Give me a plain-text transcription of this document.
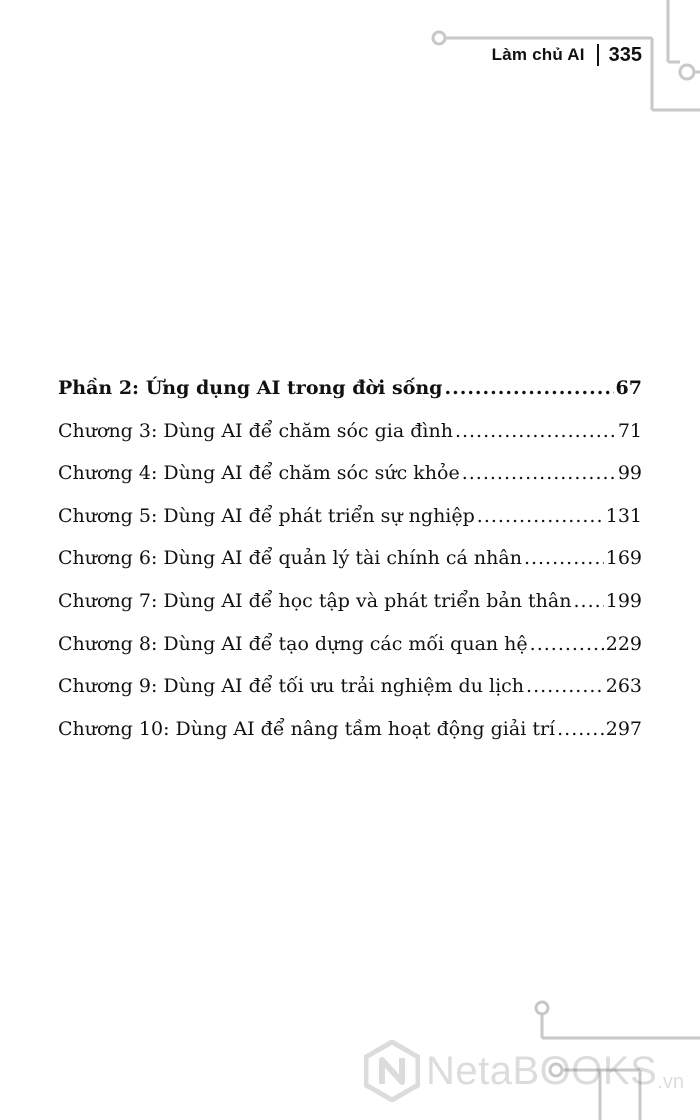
Làm chủ AI 335
Phần 2: Ứng dụng AI trong đời sống .....	67
Chương 3: Dùng AI để chăm sóc gia đình .....	71
Chương 4: Dùng AI để chăm sóc sức khỏe .....	99
Chương 5: Dùng AI để phát triển sự nghiệp .....	131
Chương 6: Dùng AI để quản lý tài chính cá nhân .....	169
Chương 7: Dùng AI để học tập và phát triển bản thân ..... 199
Chương 8: Dùng AI để tạo dựng các mối quan hệ .....	229
Chương 9: Dùng AI để tối ưu trải nghiệm du lịch .....	263
Chương 10: Dùng AI để nâng tầm hoạt động giải trí .....	297
NetaBOOKS .vn
